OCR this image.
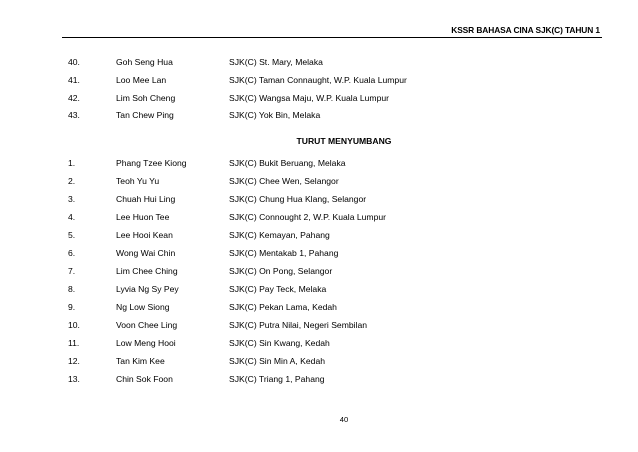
KSSR BAHASA CINA SJK(C) TAHUN 1
40.	Goh Seng Hua	SJK(C) St. Mary, Melaka
41.	Loo Mee Lan	SJK(C) Taman Connaught, W.P. Kuala Lumpur
42.	Lim Soh Cheng	SJK(C) Wangsa Maju, W.P. Kuala Lumpur
43.	Tan Chew Ping	SJK(C) Yok Bin, Melaka
TURUT MENYUMBANG
1.	Phang Tzee Kiong	SJK(C) Bukit Beruang, Melaka
2.	Teoh Yu Yu	SJK(C) Chee Wen, Selangor
3.	Chuah Hui Ling	SJK(C) Chung Hua Klang, Selangor
4.	Lee Huon Tee	SJK(C) Connought 2, W.P. Kuala Lumpur
5.	Lee Hooi Kean	SJK(C) Kemayan, Pahang
6.	Wong Wai Chin	SJK(C) Mentakab 1, Pahang
7.	Lim Chee Ching	SJK(C) On Pong, Selangor
8.	Lyvia Ng Sy Pey	SJK(C) Pay Teck, Melaka
9.	Ng Low Siong	SJK(C) Pekan Lama, Kedah
10.	Voon Chee Ling	SJK(C) Putra Nilai, Negeri Sembilan
11.	Low Meng Hooi	SJK(C) Sin Kwang, Kedah
12.	Tan Kim Kee	SJK(C) Sin Min A, Kedah
13.	Chin Sok Foon	SJK(C) Triang 1, Pahang
40
